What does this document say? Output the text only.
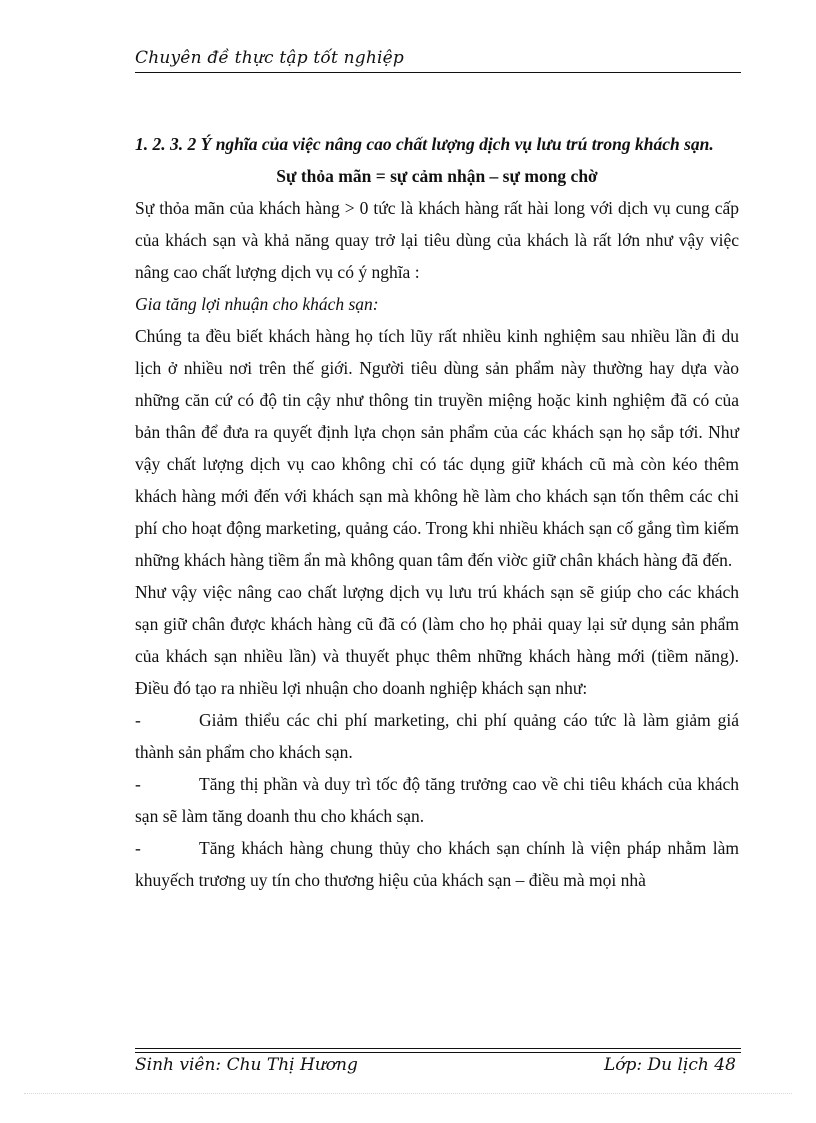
Chuyên đề thực tập tốt nghiệp

1. 2. 3. 2 Ý nghĩa của việc nâng cao chất lượng dịch vụ lưu trú trong khách sạn.

Sự thỏa mãn = sự cảm nhận – sự mong chờ

Sự thỏa mãn của khách hàng > 0 tức là khách hàng rất hài long với dịch vụ cung cấp của khách sạn và khả năng quay trở lại tiêu dùng của khách là rất lớn như vậy việc nâng cao chất lượng dịch vụ có ý nghĩa :

Gia tăng lợi nhuận cho khách sạn:

Chúng ta đều biết khách hàng họ tích lũy rất nhiều kinh nghiệm sau nhiều lần đi du lịch ở nhiều nơi trên thế giới. Người tiêu dùng sản phẩm này thường hay dựa vào những căn cứ có độ tin cậy như thông tin truyền miệng hoặc kinh nghiệm đã có của bản thân để đưa ra quyết định lựa chọn sản phẩm của các khách sạn họ sắp tới. Như vậy chất lượng dịch vụ cao không chỉ có tác dụng giữ khách cũ mà còn kéo thêm khách hàng mới đến với khách sạn mà không hề làm cho khách sạn tốn thêm các chi phí cho hoạt động marketing, quảng cáo. Trong khi nhiều khách sạn cố gắng tìm kiếm những khách hàng tiềm ẩn mà không quan tâm đến viờc giữ chân khách hàng đã đến.

Như vậy việc nâng cao chất lượng dịch vụ lưu trú khách sạn sẽ giúp cho các khách sạn giữ chân được khách hàng cũ đã có (làm cho họ phải quay lại sử dụng sản phẩm của khách sạn nhiều lần) và thuyết phục thêm những khách hàng mới (tiềm năng). Điều đó tạo ra nhiều lợi nhuận cho doanh nghiệp khách sạn như:

-	Giảm thiểu các chi phí marketing, chi phí quảng cáo tức là làm giảm giá thành sản phẩm cho khách sạn.

-	Tăng thị phần và duy trì tốc độ tăng trưởng cao về chi tiêu khách của khách sạn sẽ làm tăng doanh thu cho khách sạn.

-	Tăng khách hàng chung thủy cho khách sạn chính là viện pháp nhằm làm khuyếch trương uy tín cho thương hiệu của khách sạn – điều mà mọi nhà

Sinh viên: Chu Thị Hương	Lớp: Du lịch 48
